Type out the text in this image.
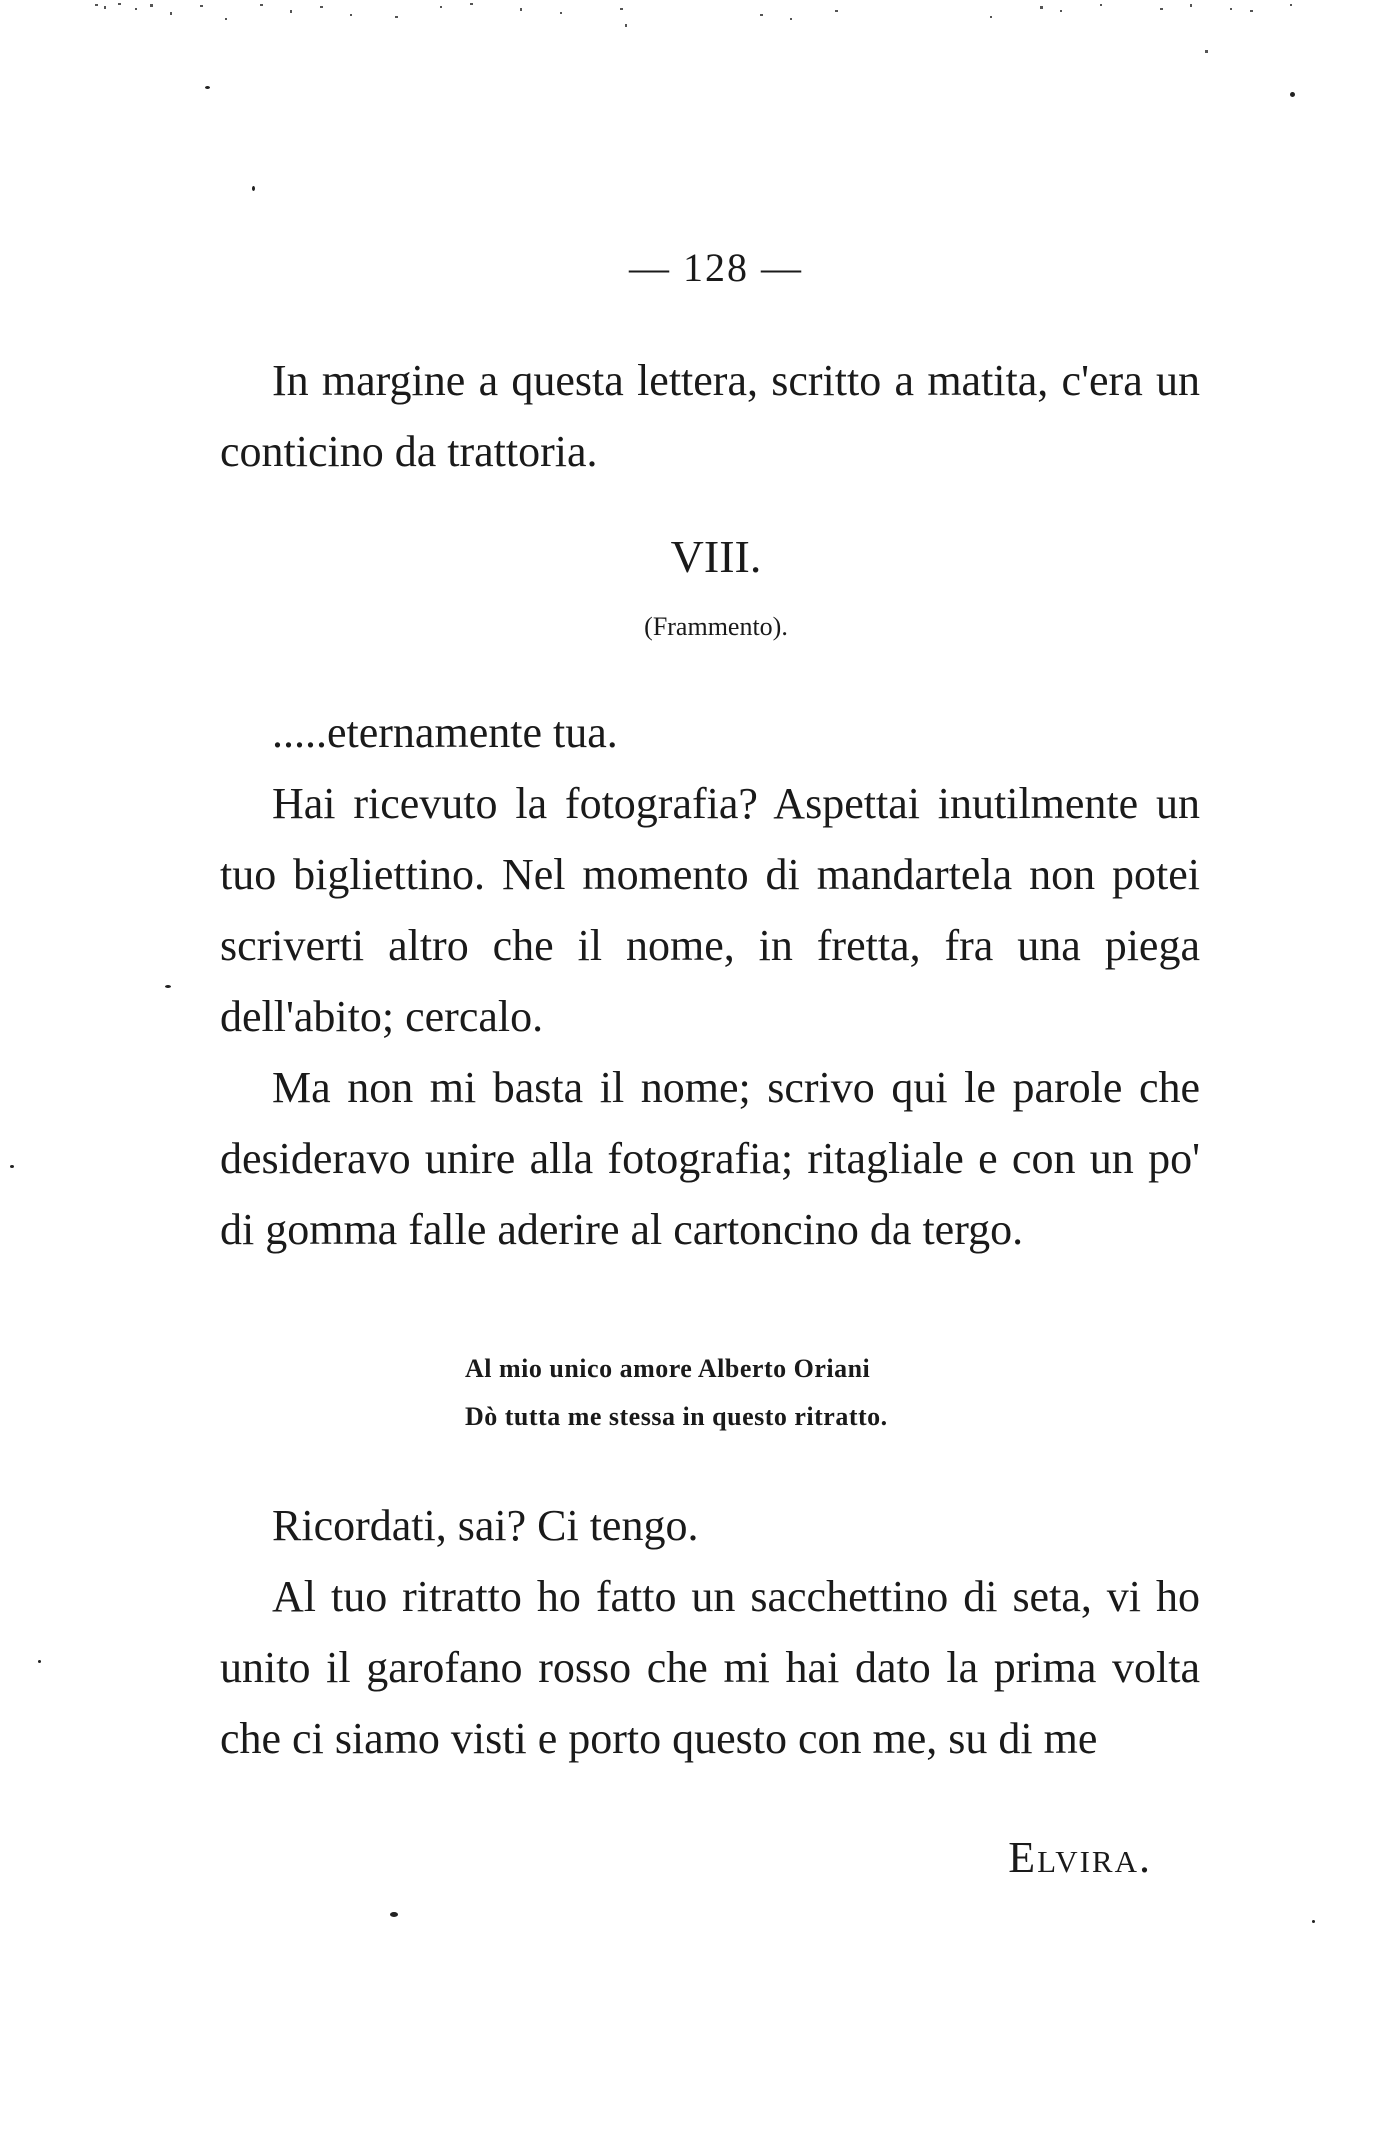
— 128 —

In margine a questa lettera, scritto a matita, c'era un conticino da trattoria.

VIII.
(Frammento).

.....eternamente tua.

Hai ricevuto la fotografia? Aspettai inutilmente un tuo bigliettino. Nel momento di mandartela non potei scriverti altro che il nome, in fretta, fra una piega dell'abito; cercalo.

Ma non mi basta il nome; scrivo qui le parole che desideravo unire alla fotografia; ritagliale e con un po' di gomma falle aderire al cartoncino da tergo.

Al mio unico amore Alberto Oriani
Dò tutta me stessa in questo ritratto.

Ricordati, sai? Ci tengo.

Al tuo ritratto ho fatto un sacchettino di seta, vi ho unito il garofano rosso che mi hai dato la prima volta che ci siamo visti e porto questo con me, su di me

Elvira.
